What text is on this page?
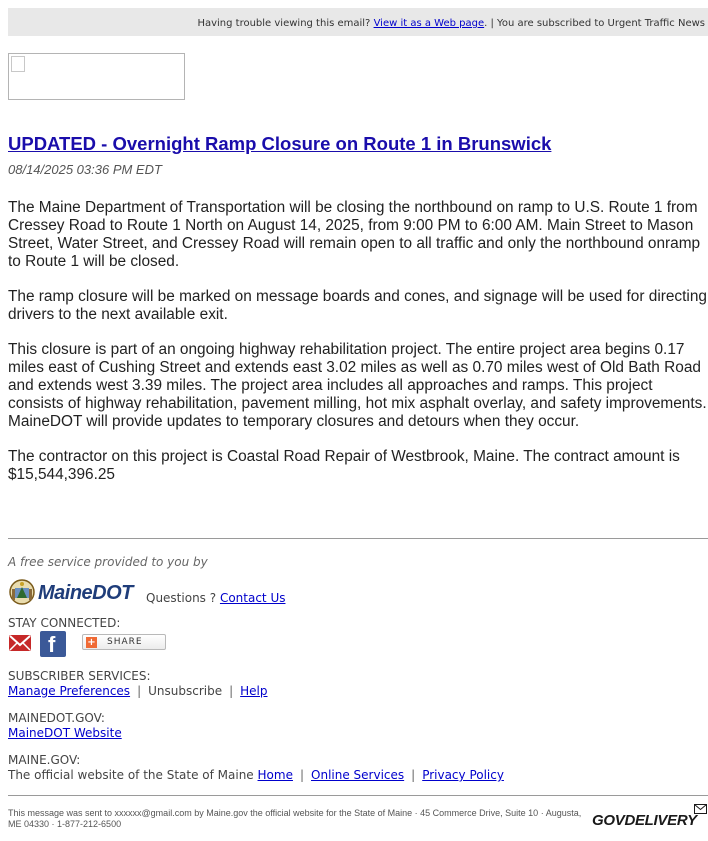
Having trouble viewing this email? View it as a Web page. | You are subscribed to Urgent Traffic News
UPDATED - Overnight Ramp Closure on Route 1 in Brunswick
08/14/2025 03:36 PM EDT

The Maine Department of Transportation will be closing the northbound on ramp to U.S. Route 1 from Cressey Road to Route 1 North on August 14, 2025, from 9:00 PM to 6:00 AM. Main Street to Mason Street, Water Street, and Cressey Road will remain open to all traffic and only the northbound onramp to Route 1 will be closed.

The ramp closure will be marked on message boards and cones, and signage will be used for directing drivers to the next available exit.

This closure is part of an ongoing highway rehabilitation project. The entire project area begins 0.17 miles east of Cushing Street and extends east 3.02 miles as well as 0.70 miles west of Old Bath Road and extends west 3.39 miles. The project area includes all approaches and ramps. This project consists of highway rehabilitation, pavement milling, hot mix asphalt overlay, and safety improvements. MaineDOT will provide updates to temporary closures and detours when they occur.

The contractor on this project is Coastal Road Repair of Westbrook, Maine. The contract amount is $15,544,396.25

A free service provided to you by
MaineDOT Questions ? Contact Us
STAY CONNECTED:
f	+ SHARE
SUBSCRIBER SERVICES:
Manage Preferences | Unsubscribe | Help
MAINEDOT.GOV:
MaineDOT Website
MAINE.GOV:
The official website of the State of Maine Home | Online Services | Privacy Policy
This message was sent to xxxxxx@gmail.com by Maine.gov the official website for the State of Maine · 45 Commerce Drive, Suite 10 · Augusta, ME 04330 · 1-877-212-6500	GOVDELIVERY
